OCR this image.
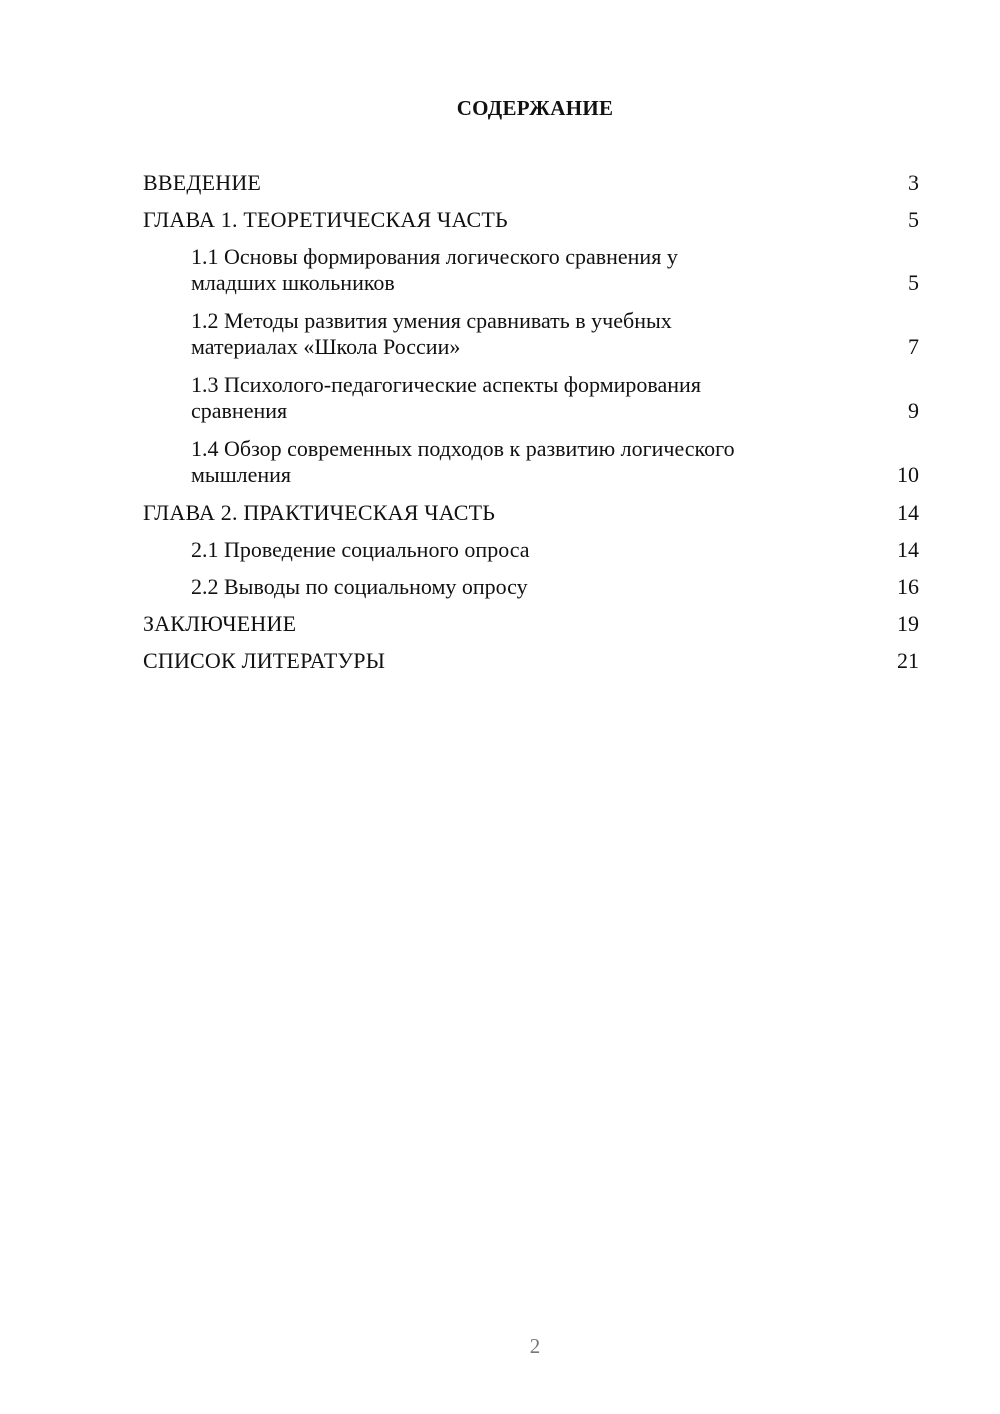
СОДЕРЖАНИЕ
ВВЕДЕНИЕ	3
ГЛАВА 1. ТЕОРЕТИЧЕСКАЯ ЧАСТЬ	5
1.1 Основы формирования логического сравнения у
младших школьников	5
1.2 Методы развития умения сравнивать в учебных
материалах «Школа России»	7
1.3 Психолого-педагогические аспекты формирования
сравнения	9
1.4 Обзор современных подходов к развитию логического
мышления	10
ГЛАВА 2. ПРАКТИЧЕСКАЯ ЧАСТЬ	14
2.1 Проведение социального опроса	14
2.2 Выводы по социальному опросу	16
ЗАКЛЮЧЕНИЕ	19
СПИСОК ЛИТЕРАТУРЫ	21
2
